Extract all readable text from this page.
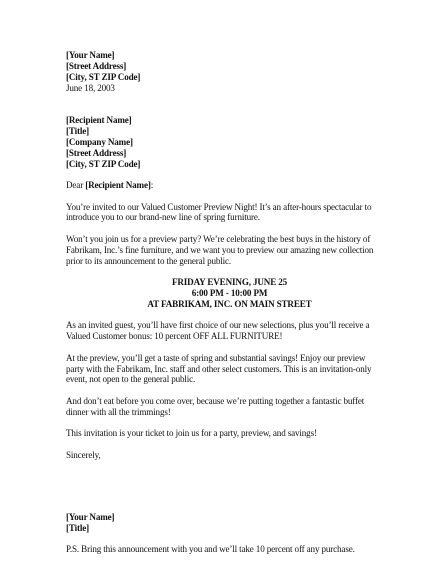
[Your Name]
[Street Address]
[City, ST ZIP Code]
June 18, 2003
[Recipient Name]
[Title]
[Company Name]
[Street Address]
[City, ST ZIP Code]
Dear [Recipient Name]:
You’re invited to our Valued Customer Preview Night! It’s an after-hours spectacular to
introduce you to our brand-new line of spring furniture.
Won’t you join us for a preview party? We’re celebrating the best buys in the history of
Fabrikam, Inc.’s fine furniture, and we want you to preview our amazing new collection
prior to its announcement to the general public.
FRIDAY EVENING, JUNE 25
6:00 PM - 10:00 PM
AT FABRIKAM, INC. ON MAIN STREET
As an invited guest, you’ll have first choice of our new selections, plus you’ll receive a
Valued Customer bonus: 10 percent OFF ALL FURNITURE!
At the preview, you’ll get a taste of spring and substantial savings! Enjoy our preview
party with the Fabrikam, Inc. staff and other select customers. This is an invitation-only
event, not open to the general public.
And don’t eat before you come over, because we’re putting together a fantastic buffet
dinner with all the trimmings!
This invitation is your ticket to join us for a party, preview, and savings!
Sincerely,
[Your Name]
[Title]
P.S. Bring this announcement with you and we’ll take 10 percent off any purchase.
